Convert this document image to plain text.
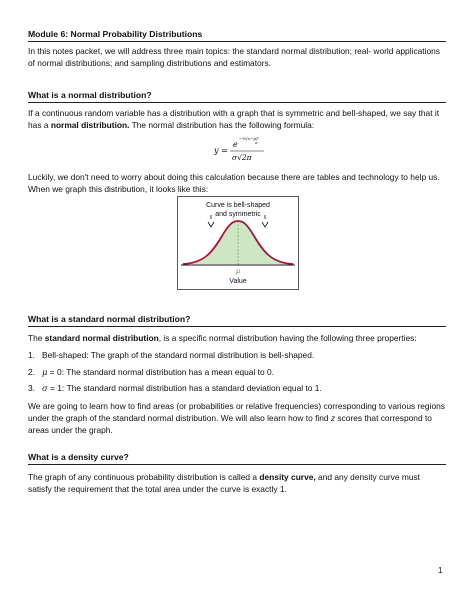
Module 6: Normal Probability Distributions

In this notes packet, we will address three main topics: the standard normal distribution; real- world applications of normal distributions; and sampling distributions and estimators.

What is a normal distribution?

If a continuous random variable has a distribution with a graph that is symmetric and bell-shaped, we say that it has a normal distribution. The normal distribution has the following formula:

y =
e
−½(x−μ)²
σ
σ√2π

Luckily, we don't need to worry about doing this calculation because there are tables and technology to help us. When we graph this distribution, it looks like this:

Curve is bell-shaped
and symmetric
μ
Value
What is a standard normal distribution?

The standard normal distribution, is a specific normal distribution having the following three properties:

1. Bell-shaped: The graph of the standard normal distribution is bell-shaped.
2. μ = 0: The standard normal distribution has a mean equal to 0.
3. σ = 1: The standard normal distribution has a standard deviation equal to 1.

We are going to learn how to find areas (or probabilities or relative frequencies) corresponding to various regions under the graph of the standard normal distribution. We will also learn how to find z scores that correspond to areas under the graph.

What is a density curve?

The graph of any continuous probability distribution is called a density curve, and any density curve must satisfy the requirement that the total area under the curve is exactly 1.

1
